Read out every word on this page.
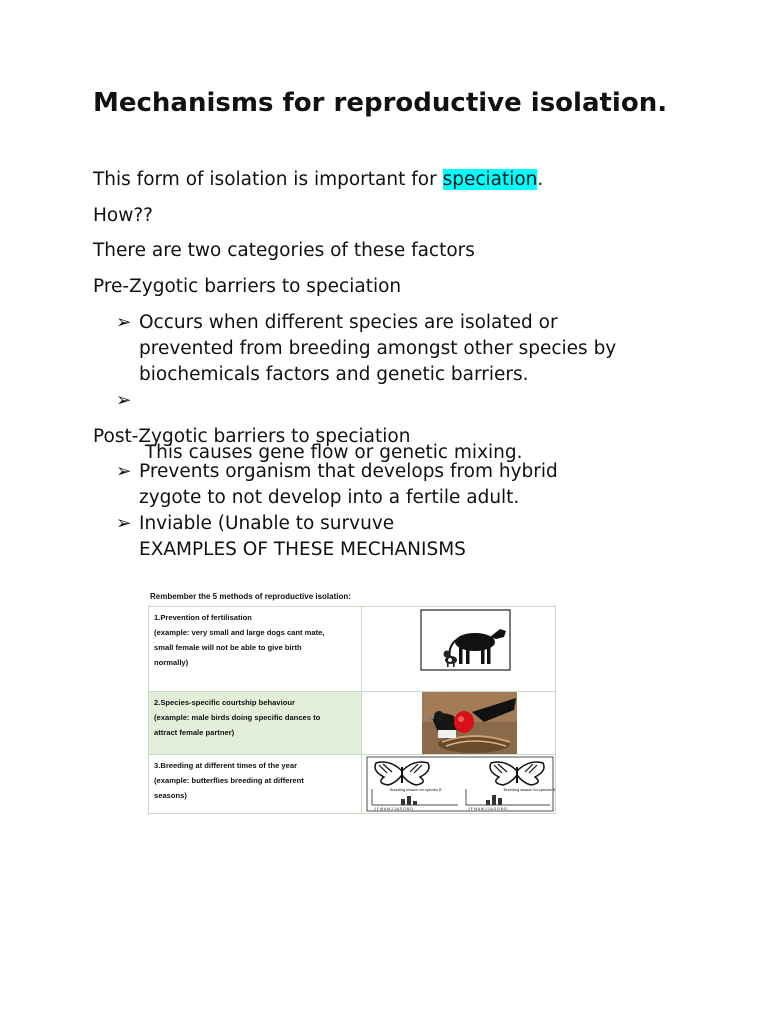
Mechanisms for reproductive isolation.

This form of isolation is important for speciation.

How??

There are two categories of these factors

Pre-Zygotic barriers to speciation

➢ Occurs when different species are isolated or
prevented from breeding amongst other species by
biochemicals factors and genetic barriers.
➢

This causes gene flow or genetic mixing.

Post-Zygotic barriers to speciation

➢ Prevents organism that develops from hybrid
zygote to not develop into a fertile adult.
➢ Inviable (Unable to survuve
EXAMPLES OF THESE MECHANISMS
Rembember the 5 methods of reproductive isolation:
1.Prevention of fertilisation
(example: very small and large dogs cant mate,
small female will not be able to give birth
normally)
2.Species-specific courtship behaviour
(example: male birds doing specific dances to
attract female partner)
3.Breeding at different times of the year
(example: butterflies breeding at different
seasons)
Breeding season for species B	Breeding season for species A
J F M A M J J A S O N D	J F M A M J J A S O N D
